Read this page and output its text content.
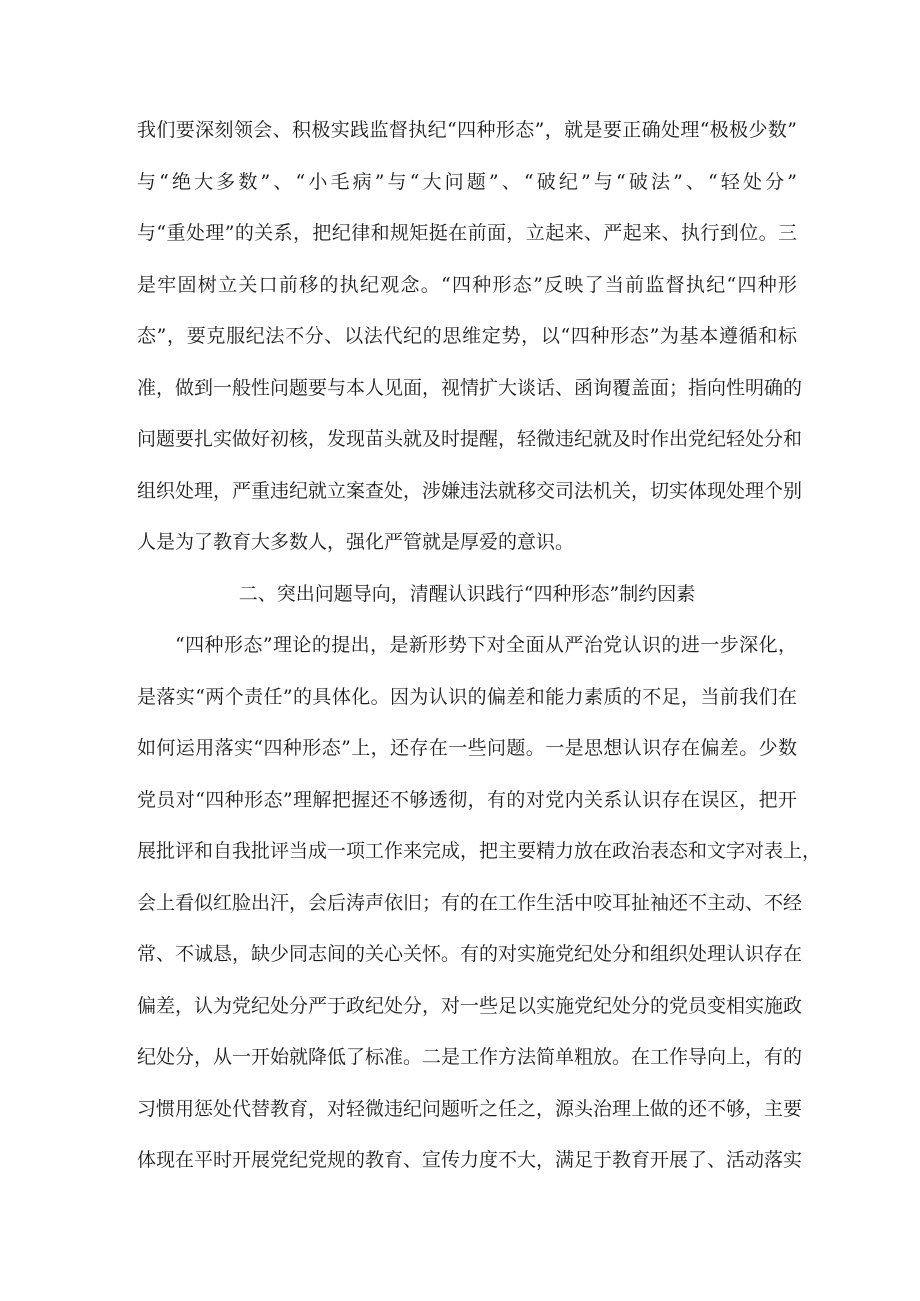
我们要深刻领会、积极实践监督执纪“四种形态”，就是要正确处理“极极少数”
与“绝大多数”、“小毛病”与“大问题”、“破纪”与“破法”、“轻处分”
与“重处理”的关系，把纪律和规矩挺在前面，立起来、严起来、执行到位。三
是牢固树立关口前移的执纪观念。“四种形态”反映了当前监督执纪“四种形
态”，要克服纪法不分、以法代纪的思维定势，以“四种形态”为基本遵循和标
准，做到一般性问题要与本人见面，视情扩大谈话、函询覆盖面；指向性明确的
问题要扎实做好初核，发现苗头就及时提醒，轻微违纪就及时作出党纪轻处分和
组织处理，严重违纪就立案查处，涉嫌违法就移交司法机关，切实体现处理个别
人是为了教育大多数人，强化严管就是厚爱的意识。
二、突出问题导向，清醒认识践行“四种形态”制约因素
“四种形态”理论的提出，是新形势下对全面从严治党认识的进一步深化，
是落实“两个责任”的具体化。因为认识的偏差和能力素质的不足，当前我们在
如何运用落实“四种形态”上，还存在一些问题。一是思想认识存在偏差。少数
党员对“四种形态”理解把握还不够透彻，有的对党内关系认识存在误区，把开
展批评和自我批评当成一项工作来完成，把主要精力放在政治表态和文字对表上，
会上看似红脸出汗，会后涛声依旧；有的在工作生活中咬耳扯袖还不主动、不经
常、不诚恳，缺少同志间的关心关怀。有的对实施党纪处分和组织处理认识存在
偏差，认为党纪处分严于政纪处分，对一些足以实施党纪处分的党员变相实施政
纪处分，从一开始就降低了标准。二是工作方法简单粗放。在工作导向上，有的
习惯用惩处代替教育，对轻微违纪问题听之任之，源头治理上做的还不够，主要
体现在平时开展党纪党规的教育、宣传力度不大，满足于教育开展了、活动落实
